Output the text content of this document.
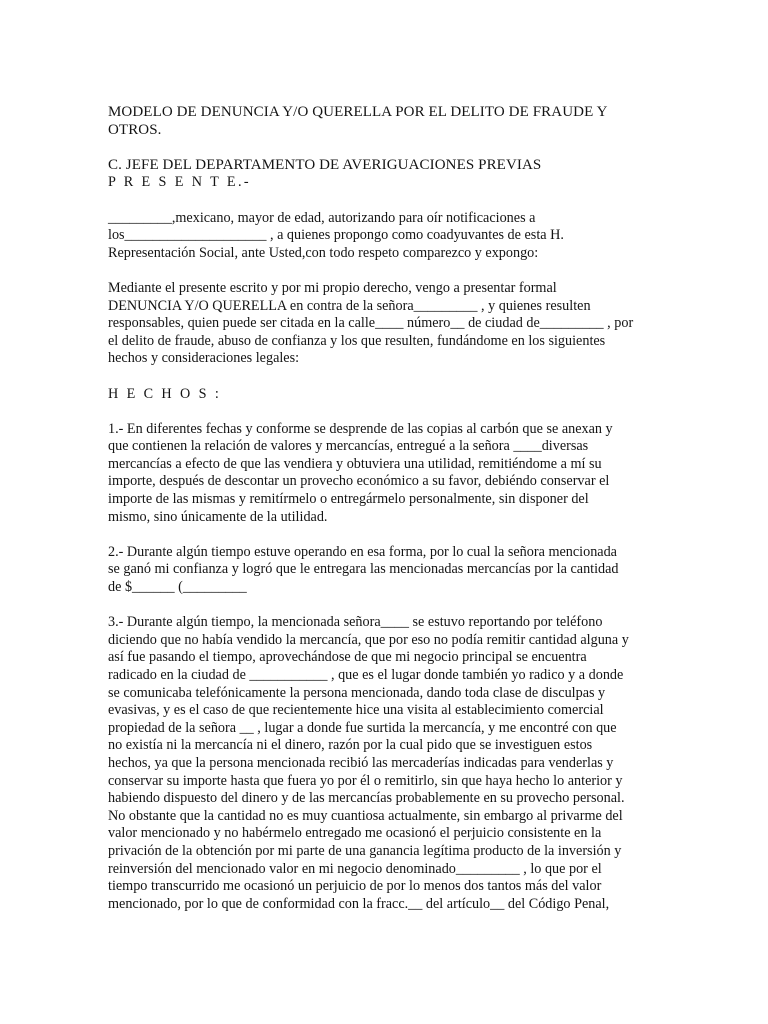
MODELO DE DENUNCIA Y/O QUERELLA POR EL DELITO DE FRAUDE Y
OTROS.
C. JEFE DEL DEPARTAMENTO DE AVERIGUACIONES PREVIAS
P R E S E N T E.-
_________,mexicano, mayor de edad, autorizando para oír notificaciones a
los____________________ , a quienes propongo como coadyuvantes de esta H.
Representación Social, ante Usted,con todo respeto comparezco y expongo:
Mediante el presente escrito y por mi propio derecho, vengo a presentar formal
DENUNCIA Y/O QUERELLA en contra de la señora_________ , y quienes resulten
responsables, quien puede ser citada en la calle____ número__ de ciudad de_________ , por
el delito de fraude, abuso de confianza y los que resulten, fundándome en los siguientes
hechos y consideraciones legales:
H E C H O S :
1.- En diferentes fechas y conforme se desprende de las copias al carbón que se anexan y
que contienen la relación de valores y mercancías, entregué a la señora ____diversas
mercancías a efecto de que las vendiera y obtuviera una utilidad, remitiéndome a mí su
importe, después de descontar un provecho económico a su favor, debiéndo conservar el
importe de las mismas y remitírmelo o entregármelo personalmente, sin disponer del
mismo, sino únicamente de la utilidad.
2.- Durante algún tiempo estuve operando en esa forma, por lo cual la señora mencionada
se ganó mi confianza y logró que le entregara las mencionadas mercancías por la cantidad
de $______ (_________
3.- Durante algún tiempo, la mencionada señora____ se estuvo reportando por teléfono
diciendo que no había vendido la mercancía, que por eso no podía remitir cantidad alguna y
así fue pasando el tiempo, aprovechándose de que mi negocio principal se encuentra
radicado en la ciudad de ___________ , que es el lugar donde también yo radico y a donde
se comunicaba telefónicamente la persona mencionada, dando toda clase de disculpas y
evasivas, y es el caso de que recientemente hice una visita al establecimiento comercial
propiedad de la señora __ , lugar a donde fue surtida la mercancía, y me encontré con que
no existía ni la mercancía ni el dinero, razón por la cual pido que se investiguen estos
hechos, ya que la persona mencionada recibió las mercaderías indicadas para venderlas y
conservar su importe hasta que fuera yo por él o remitirlo, sin que haya hecho lo anterior y
habiendo dispuesto del dinero y de las mercancías probablemente en su provecho personal.
No obstante que la cantidad no es muy cuantiosa actualmente, sin embargo al privarme del
valor mencionado y no habérmelo entregado me ocasionó el perjuicio consistente en la
privación de la obtención por mi parte de una ganancia legítima producto de la inversión y
reinversión del mencionado valor en mi negocio denominado_________ , lo que por el
tiempo transcurrido me ocasionó un perjuicio de por lo menos dos tantos más del valor
mencionado, por lo que de conformidad con la fracc.__ del artículo__ del Código Penal,
